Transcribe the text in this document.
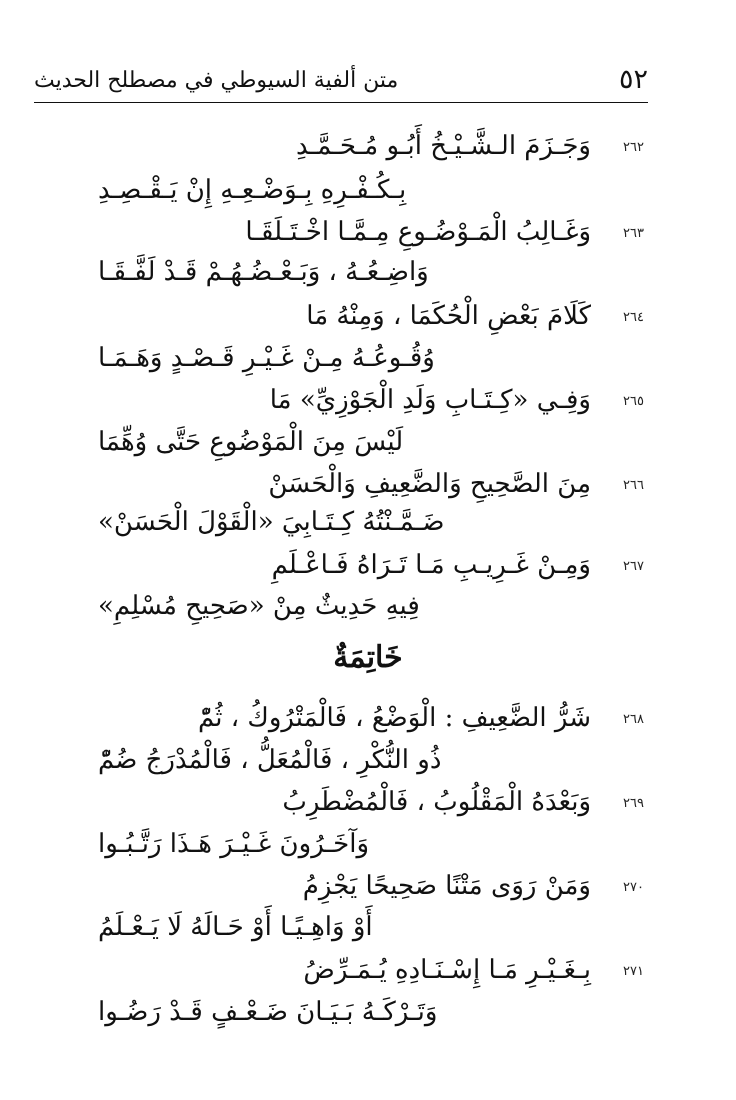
٥٢
متن ألفية السيوطي في مصطلح الحديث
٢٦٢
وَجَـزَمَ الـشَّـيْـخُ أَبُـو مُـحَـمَّـدِ
بِـكُـفْـرِهِ بِـوَضْـعِـهِ إِنْ يَـقْـصِـدِ
٢٦٣
وَغَـالِبُ الْمَـوْضُـوعِ مِـمَّـا اخْـتَـلَقَـا
وَاضِـعُـهُ ، وَبَـعْـضُـهُـمْ قَـدْ لَفَّـقَـا
٢٦٤
كَلَامَ بَعْضِ الْحُكَمَا ، وَمِنْهُ مَا
وُقُـوعُـهُ مِـنْ غَـيْـرِ قَـصْـدٍ وَهَـمَـا
٢٦٥
وَفِـي «كِـتَـابِ وَلَدِ الْجَوْزِيِّ» مَا
لَيْسَ مِنَ الْمَوْضُوعِ حَتَّى وُهِّمَا
٢٦٦
مِنَ الصَّحِيحِ وَالضَّعِيفِ وَالْحَسَنْ
ضَـمَّـنْتُهُ كِـتَـابِيَ «الْقَوْلَ الْحَسَنْ»
٢٦٧
وَمِـنْ غَـرِيـبِ مَـا تَـرَاهُ فَـاعْـلَمِ
فِيهِ حَدِيثٌ مِنْ «صَحِيحِ مُسْلِمِ»
خَاتِمَةٌ
٢٦٨
شَرُّ الضَّعِيفِ : الْوَضْعُ ، فَالْمَتْرُوكُ ، ثُمّْ
ذُو النُّكْرِ ، فَالْمُعَلُّ ، فَالْمُدْرَجُ ضُمّْ
٢٦٩
وَبَعْدَهُ الْمَقْلُوبُ ، فَالْمُضْطَرِبُ
وَآخَـرُونَ غَـيْـرَ هَـذَا رَتَّـبُـوا
٢٧٠
وَمَنْ رَوَى مَتْنًا صَحِيحًا يَجْزِمُ
أَوْ وَاهِـيًـا أَوْ حَـالَهُ لَا يَـعْـلَمُ
٢٧١
بِـغَـيْـرِ مَـا إِسْـنَـادِهِ يُـمَـرِّضُ
وَتَـرْكَـهُ بَـيَـانَ ضَـعْـفٍ قَـدْ رَضُـوا
